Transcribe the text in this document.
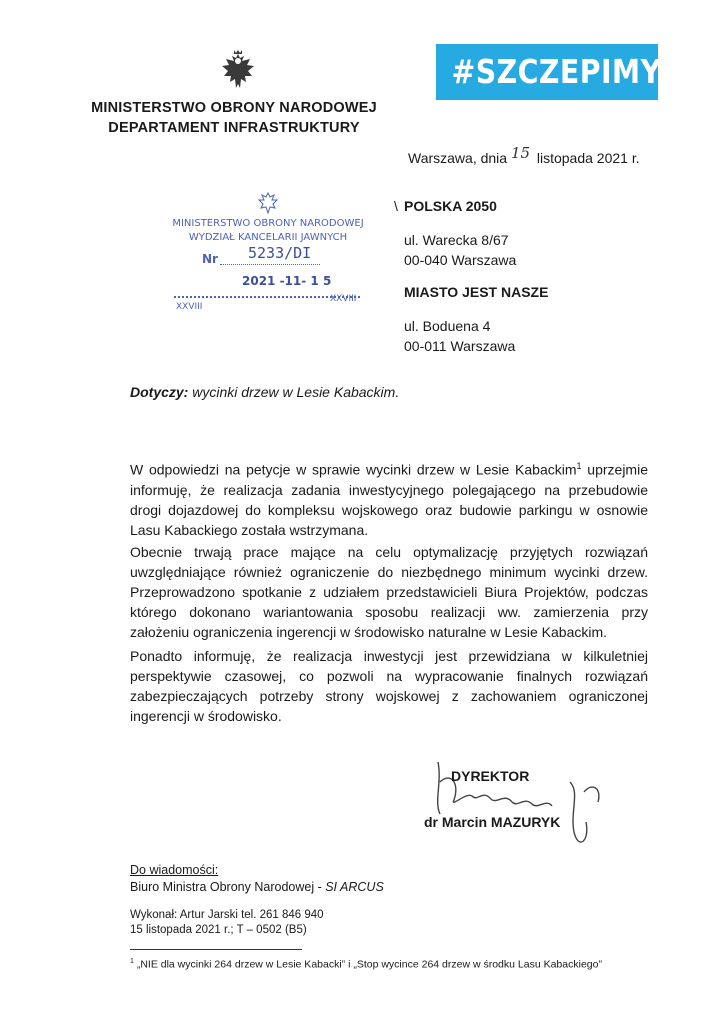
MINISTERSTWO OBRONY NARODOWEJ
DEPARTAMENT INFRASTRUKTURY
#SZCZEPIMY SIĘ
Warszawa, dnia 15 listopada 2021 r.
MINISTERSTWO OBRONY NARODOWEJ
WYDZIAŁ KANCELARII JAWNYCH
Nr 5233/DI
2021 -11- 1 5
XXVIII
XXVIII
\ POLSKA 2050
ul. Warecka 8/67
00-040 Warszawa
MIASTO JEST NASZE
ul. Boduena 4
00-011 Warszawa
Dotyczy: wycinki drzew w Lesie Kabackim.
W odpowiedzi na petycje w sprawie wycinki drzew w Lesie Kabackim$^1$ uprzejmie informuję, że realizacja zadania inwestycyjnego polegającego na przebudowie drogi dojazdowej do kompleksu wojskowego oraz budowie parkingu w osnowie Lasu Kabackiego została wstrzymana.
Obecnie trwają prace mające na celu optymalizację przyjętych rozwiązań uwzględniające również ograniczenie do niezbędnego minimum wycinki drzew. Przeprowadzono spotkanie z udziałem przedstawicieli Biura Projektów, podczas którego dokonano wariantowania sposobu realizacji ww. zamierzenia przy założeniu ograniczenia ingerencji w środowisko naturalne w Lesie Kabackim.
Ponadto informuję, że realizacja inwestycji jest przewidziana w kilkuletniej perspektywie czasowej, co pozwoli na wypracowanie finalnych rozwiązań zabezpieczających potrzeby strony wojskowej z zachowaniem ograniczonej ingerencji w środowisko.
DYREKTOR
dr Marcin MAZURYK
Do wiadomości:
Biuro Ministra Obrony Narodowej - SI ARCUS
Wykonał: Artur Jarski tel. 261 846 940
15 listopada 2021 r.; T – 0502 (B5)
$^1$ „NIE dla wycinki 264 drzew w Lesie Kabacki” i „Stop wycince 264 drzew w środku Lasu Kabackiego”
